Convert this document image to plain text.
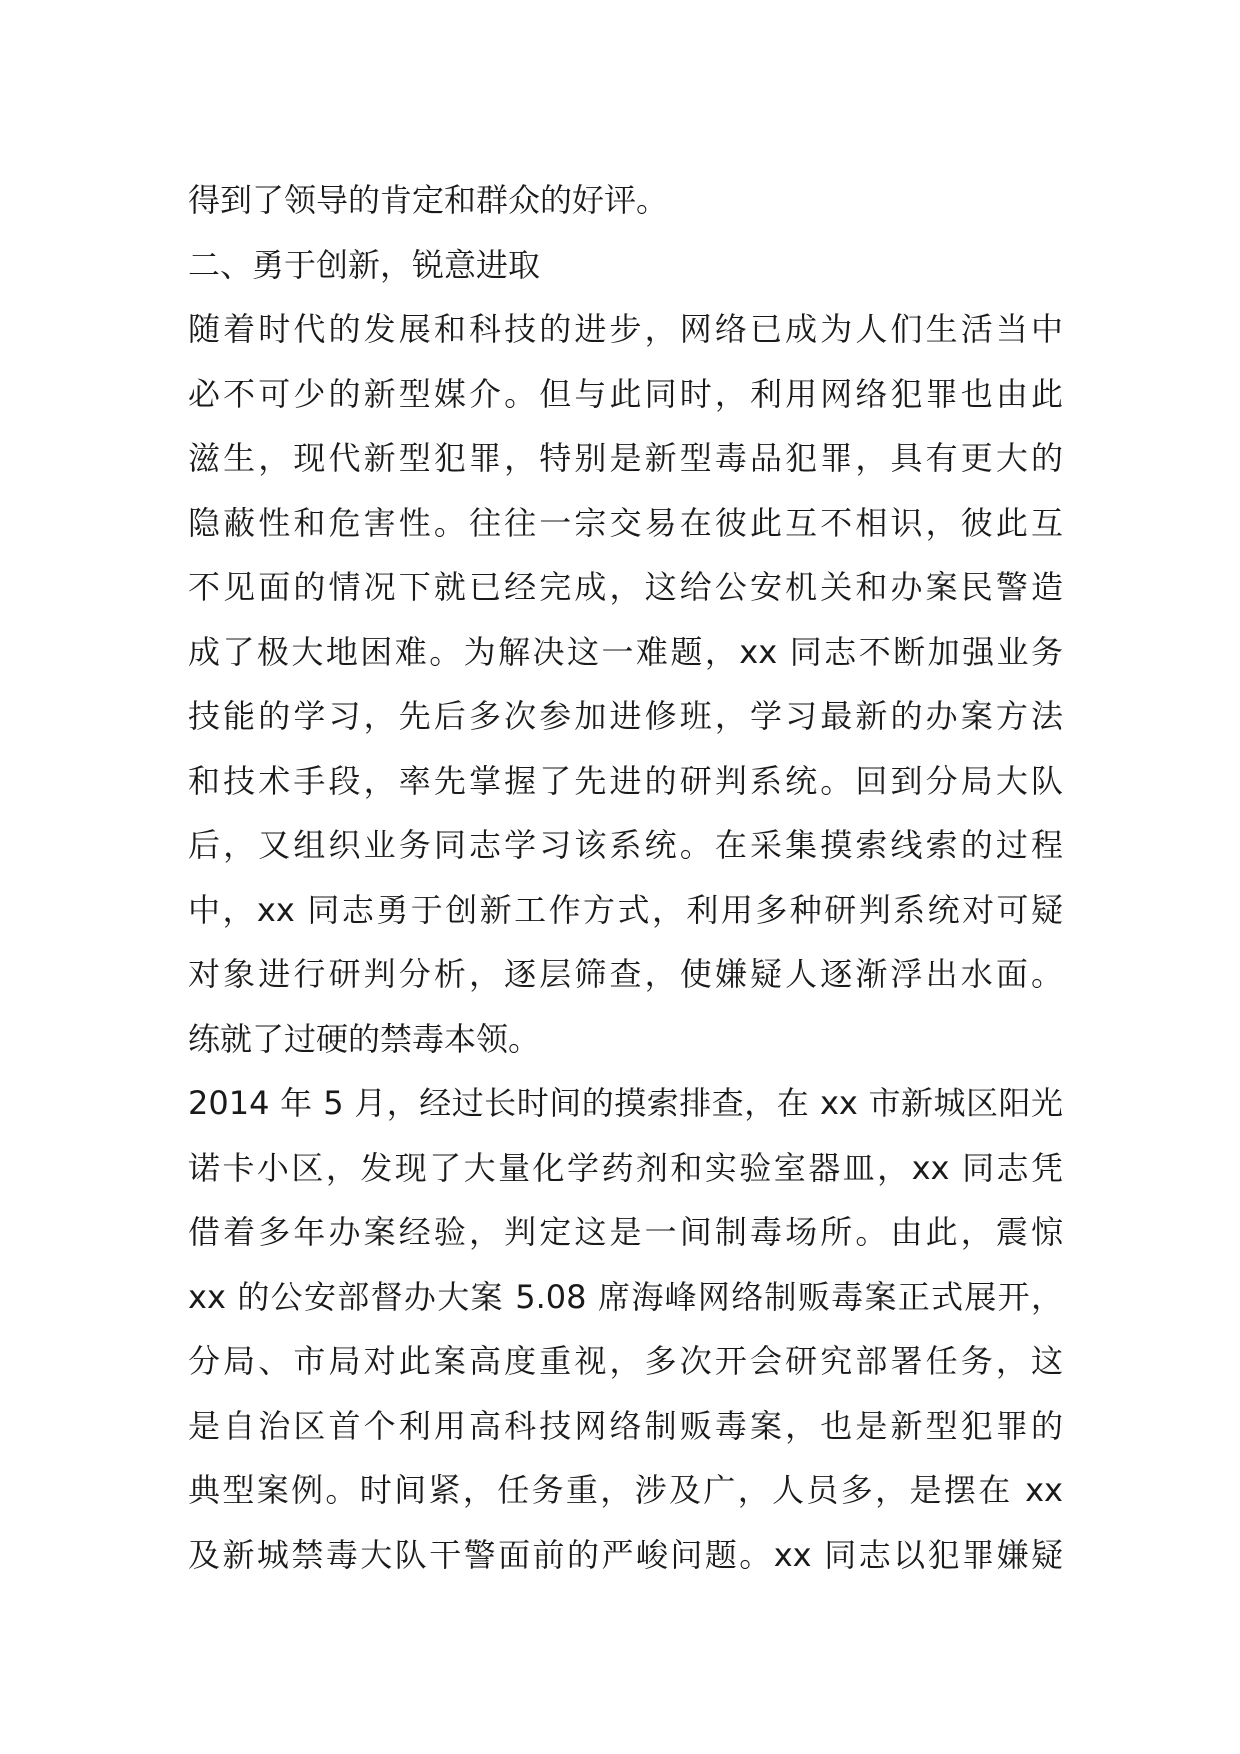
得到了领导的肯定和群众的好评。
二、勇于创新，锐意进取
随着时代的发展和科技的进步，网络已成为人们生活当中
必不可少的新型媒介。但与此同时，利用网络犯罪也由此
滋生，现代新型犯罪，特别是新型毒品犯罪，具有更大的
隐蔽性和危害性。往往一宗交易在彼此互不相识，彼此互
不见面的情况下就已经完成，这给公安机关和办案民警造
成了极大地困难。为解决这一难题，xx 同志不断加强业务
技能的学习，先后多次参加进修班，学习最新的办案方法
和技术手段，率先掌握了先进的研判系统。回到分局大队
后，又组织业务同志学习该系统。在采集摸索线索的过程
中，xx 同志勇于创新工作方式，利用多种研判系统对可疑
对象进行研判分析，逐层筛查，使嫌疑人逐渐浮出水面。
练就了过硬的禁毒本领。
2014 年 5 月，经过长时间的摸索排查，在 xx 市新城区阳光
诺卡小区，发现了大量化学药剂和实验室器皿，xx 同志凭
借着多年办案经验，判定这是一间制毒场所。由此，震惊
xx 的公安部督办大案 5.08 席海峰网络制贩毒案正式展开，
分局、市局对此案高度重视，多次开会研究部署任务，这
是自治区首个利用高科技网络制贩毒案，也是新型犯罪的
典型案例。时间紧，任务重，涉及广，人员多，是摆在 xx
及新城禁毒大队干警面前的严峻问题。xx 同志以犯罪嫌疑
